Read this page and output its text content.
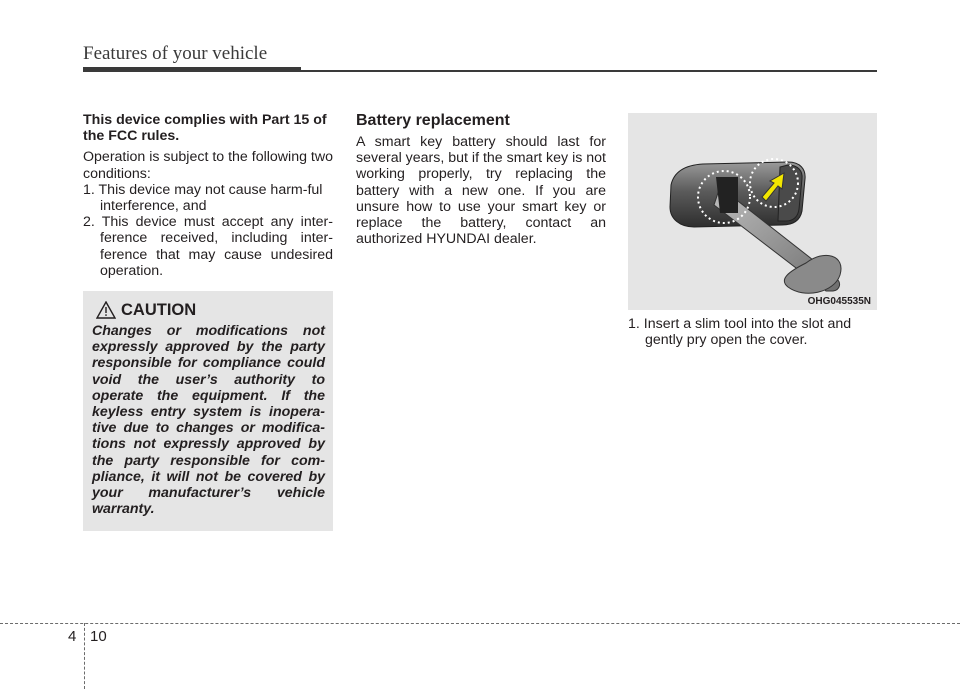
Features of your vehicle

This device complies with Part 15 of the FCC rules.

Operation is subject to the following two conditions:

1. This device may not cause harm-ful interference, and

2. This device must accept any inter-ference received, including inter-ference that may cause undesired operation.

CAUTION

Changes or modifications not expressly approved by the party responsible for compliance could void the user’s authority to operate the equipment. If the keyless entry system is inopera-tive due to changes or modifica-tions not expressly approved by the party responsible for com-pliance, it will not be covered by your manufacturer’s vehicle warranty.

Battery replacement

A smart key battery should last for several years, but if the smart key is not working properly, try replacing the battery with a new one. If you are unsure how to use your smart key or replace the battery, contact an authorized HYUNDAI dealer.

OHG045535N

1. Insert a slim tool into the slot and gently pry open the cover.

4 10
